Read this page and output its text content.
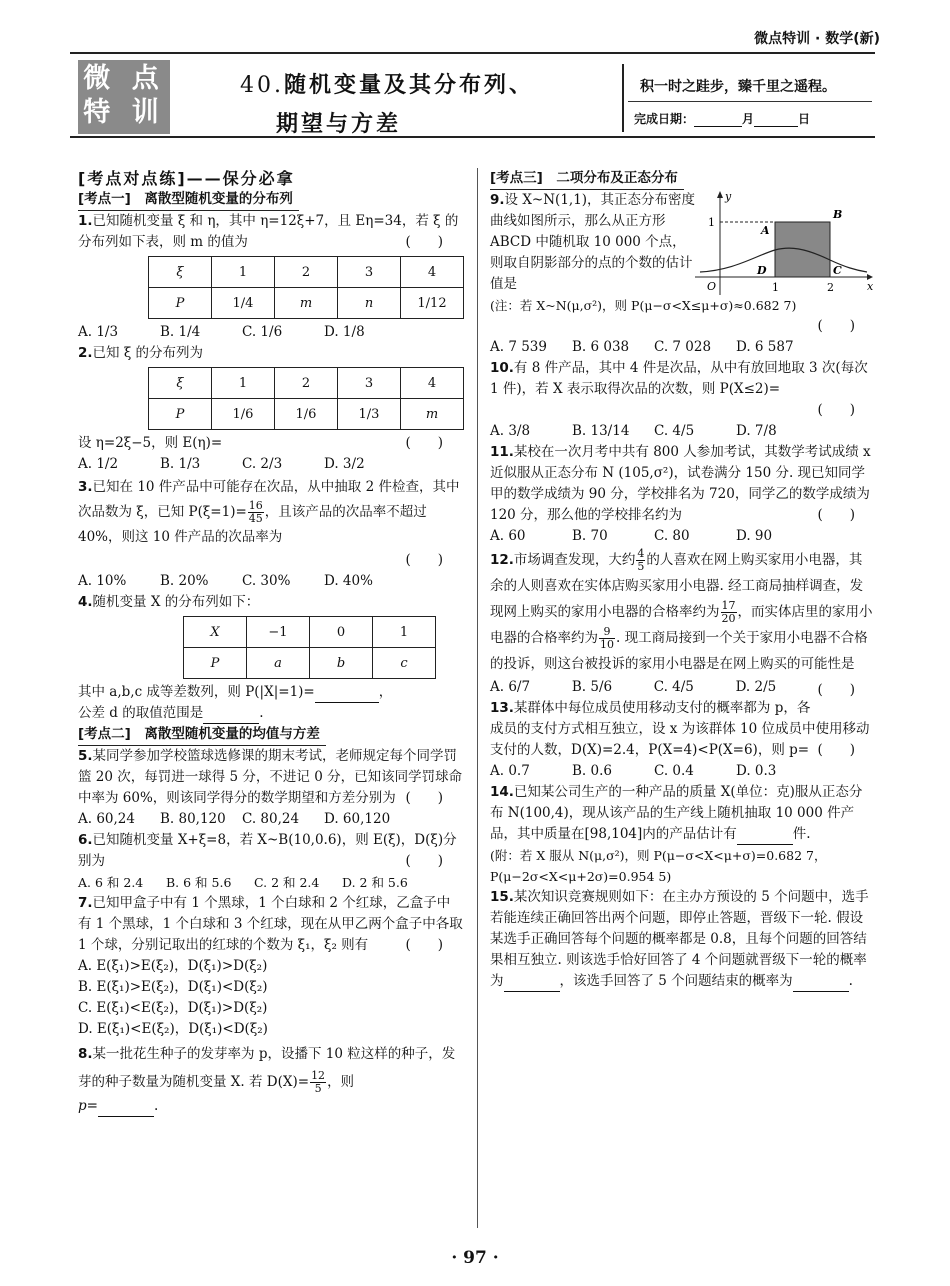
微点特训 · 数学(新)
微 点
特 训
40.随机变量及其分布列、
期望与方差
积一时之跬步，臻千里之遥程。
完成日期：	月	日
[考点对点练]——保分必拿
[考点一]　离散型随机变量的分布列

1.已知随机变量 ξ 和 η，其中 η=12ξ+7，且 Eη=34，若 ξ 的分布列如下表，则 m 的值为	(　　)

ξ	1	2	3	4
P	1/4	m	n	1/12
A. 1/3	B. 1/4	C. 1/6	D. 1/8

2.已知 ξ 的分布列为

ξ	1	2	3	4
P	1/6	1/6	1/3	m

设 η=2ξ−5，则 E(η)=	(　　)

A. 1/2	B. 1/3	C. 2/3	D. 3/2

3.已知在 10 件产品中可能存在次品，从中抽取 2 件检查，其中次品数为 ξ，已知 $P(\xi=1)= \frac{16}{45}$ ，且该产品的次品率不超过 40%，则这 10 件产品的次品率为

(　　)
A. 10%	B. 20%	C. 30%	D. 40%

4.随机变量 X 的分布列如下：

X	−1	0	1
P	a	b	c

其中 a,b,c 成等差数列，则 P(|X|=1)=	，

公差 d 的取值范围是	.

[考点二]　离散型随机变量的均值与方差

5.某同学参加学校篮球选修课的期末考试，老师规定每个同学罚篮 20 次，每罚进一球得 5 分，不进记 0 分，已知该同学罚球命中率为 60%，则该同学得分的数学期望和方差分别为 (　　)

A. 60,24	B. 80,120	C. 80,24	D. 60,120

6.已知随机变量 X+ξ=8，若 X~B(10,0.6)，则 E(ξ)，D(ξ)分别为	(　　)

A. 6 和 2.4	B. 6 和 5.6	C. 2 和 2.4	D. 2 和 5.6

7.已知甲盒子中有 1 个黑球，1 个白球和 2 个红球，乙盒子中有 1 个黑球，1 个白球和 3 个红球，现在从甲乙两个盒子中各取 1 个球，分别记取出的红球的个数为 ξ₁，ξ₂ 则有	(　　)

A. E(ξ₁)>E(ξ₂)，D(ξ₁)>D(ξ₂)
B. E(ξ₁)>E(ξ₂)，D(ξ₁)<D(ξ₂)
C. E(ξ₁)<E(ξ₂)，D(ξ₁)>D(ξ₂)
D. E(ξ₁)<E(ξ₂)，D(ξ₁)<D(ξ₂)

8.某一批花生种子的发芽率为 p，设播下 10 粒这样的种子，发芽的种子数量为随机变量 X. 若 $D(X)= \frac{12}{5}$ ，则

p=	.

[考点三]　二项分布及正态分布
y
x
O
A
B
C
D
1	2
1

9.设 X~N(1,1)，其正态分布密度曲线如图所示，那么从正方形 ABCD 中随机取 10 000 个点，则取自阴影部分的点的个数的估计值是

(注：若 X~N(μ,σ²)，则 P(μ−σ<X≤μ+σ)≈0.682 7)

(　　)
A. 7 539	B. 6 038	C. 7 028	D. 6 587

10.有 8 件产品，其中 4 件是次品，从中有放回地取 3 次(每次 1 件)，若 X 表示取得次品的次数，则 P(X≤2)=

(　　)
A. 3/8	B. 13/14	C. 4/5	D. 7/8

11.某校在一次月考中共有 800 人参加考试，其数学考试成绩 x 近似服从正态分布 N (105,σ²)，试卷满分 150 分. 现已知同学甲的数学成绩为 90 分，学校排名为 720，同学乙的数学成绩为 120 分，那么他的学校排名约为	(　　)

A. 60	B. 70	C. 80	D. 90

12.市场调查发现，大约 $\frac{4}{5}$ 的人喜欢在网上购买家用小电器，其余的人则喜欢在实体店购买家用小电器. 经工商局抽样调查，发现网上购买的家用小电器的合格率约为 $\frac{17}{20}$ ，而实体店里的家用小电器的合格率约为 $\frac{9}{10}$ . 现工商局接到一个关于家用小电器不合格的投诉，则这台被投诉的家用小电器是在网上购买的可能性是
(　　)

A. 6/7	B. 5/6	C. 4/5	D. 2/5

13.某群体中每位成员使用移动支付的概率都为 p，各成员的支付方式相互独立，设 x 为该群体 10 位成员中使用移动支付的人数，D(X)=2.4，P(X=4)<P(X=6)，则 p= (　　)

A. 0.7	B. 0.6	C. 0.4	D. 0.3

14.已知某公司生产的一种产品的质量 X(单位：克)服从正态分布 N(100,4)，现从该产品的生产线上随机抽取 10 000 件产品，其中质量在[98,104]内的产品估计有	件.

(附：若 X 服从 N(μ,σ²)，则 P(μ−σ<X<μ+σ)=0.682 7，P(μ−2σ<X<μ+2σ)=0.954 5)

15.某次知识竞赛规则如下：在主办方预设的 5 个问题中，选手若能连续正确回答出两个问题，即停止答题，晋级下一轮. 假设某选手正确回答每个问题的概率都是 0.8，且每个问题的回答结果相互独立. 则该选手恰好回答了 4 个问题就晋级下一轮的概率为	，该选手回答了 5 个问题结束的概率为	.

· 97 ·
